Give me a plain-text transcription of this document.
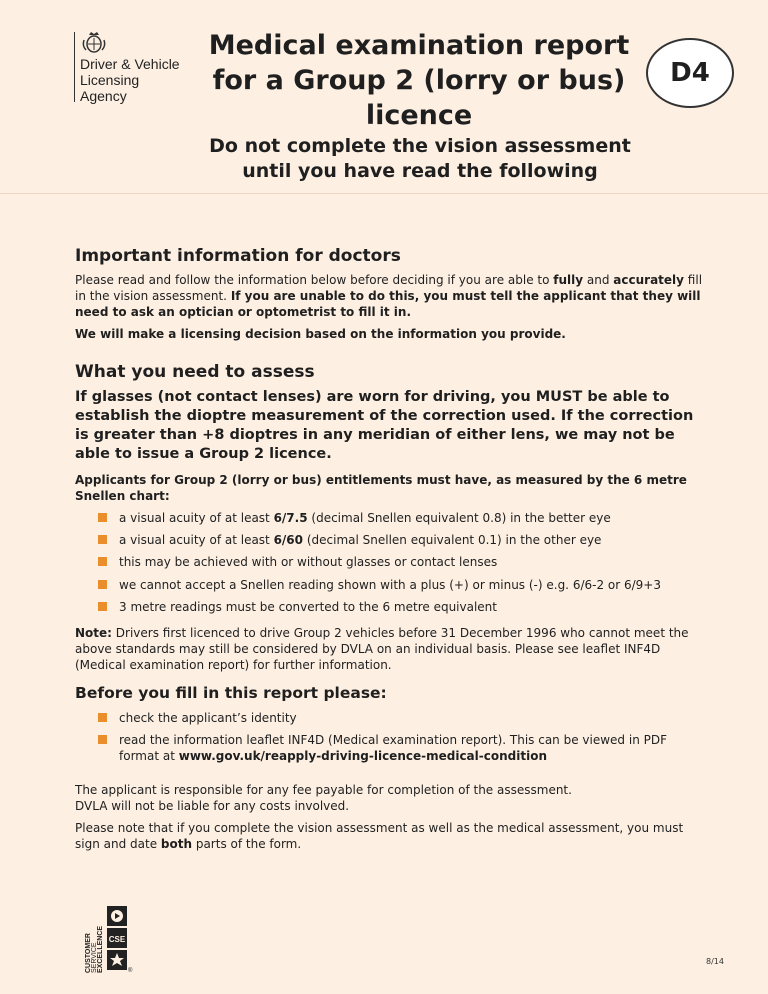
Driver & Vehicle
Licensing
Agency
Medical examination report
for a Group 2 (lorry or bus)
licence
D4
Do not complete the vision assessment
until you have read the following
Important information for doctors
Please read and follow the information below before deciding if you are able to fully and accurately fill in the vision assessment. If you are unable to do this, you must tell the applicant that they will need to ask an optician or optometrist to fill it in.
We will make a licensing decision based on the information you provide.
What you need to assess
If glasses (not contact lenses) are worn for driving, you MUST be able to establish the dioptre measurement of the correction used. If the correction is greater than +8 dioptres in any meridian of either lens, we may not be able to issue a Group 2 licence.
Applicants for Group 2 (lorry or bus) entitlements must have, as measured by the 6 metre Snellen chart:
a visual acuity of at least 6/7.5 (decimal Snellen equivalent 0.8) in the better eye
a visual acuity of at least 6/60 (decimal Snellen equivalent 0.1) in the other eye
this may be achieved with or without glasses or contact lenses
we cannot accept a Snellen reading shown with a plus (+) or minus (-) e.g. 6/6-2 or 6/9+3
3 metre readings must be converted to the 6 metre equivalent
Note: Drivers first licenced to drive Group 2 vehicles before 31 December 1996 who cannot meet the above standards may still be considered by DVLA on an individual basis. Please see leaflet INF4D (Medical examination report) for further information.
Before you fill in this report please:
check the applicant’s identity
read the information leaflet INF4D (Medical examination report). This can be viewed in PDF format at www.gov.uk/reapply-driving-licence-medical-condition
The applicant is responsible for any fee payable for completion of the assessment.
DVLA will not be liable for any costs involved.
Please note that if you complete the vision assessment as well as the medical assessment, you must sign and date both parts of the form.
CUSTOMER SERVICE EXCELLENCE CSE
®
8/14
